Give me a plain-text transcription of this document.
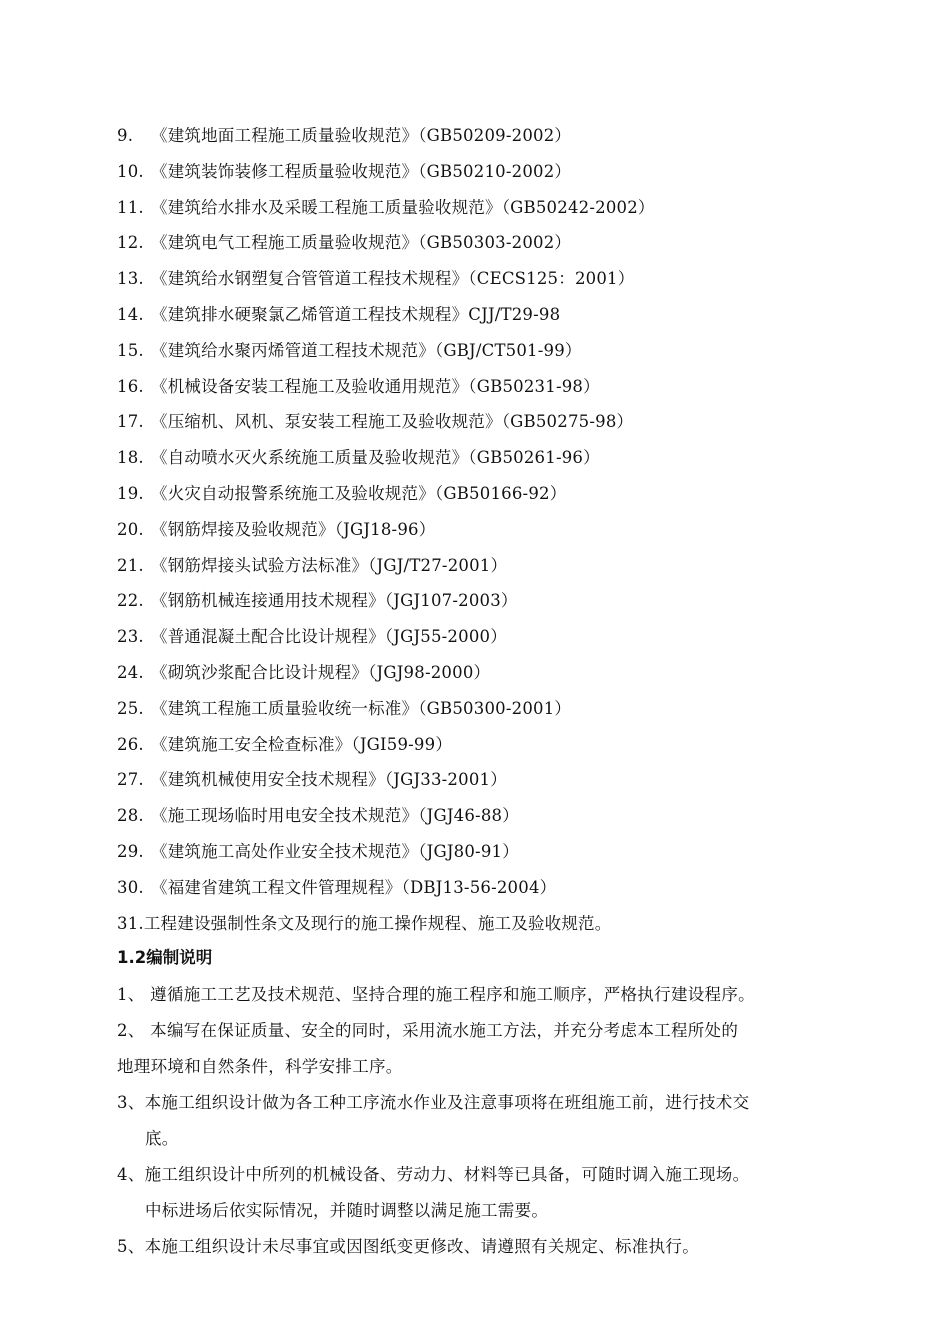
9. 《建筑地面工程施工质量验收规范》（GB50209-2002）
10. 《建筑装饰装修工程质量验收规范》（GB50210-2002）
11. 《建筑给水排水及采暖工程施工质量验收规范》（GB50242-2002）
12. 《建筑电气工程施工质量验收规范》（GB50303-2002）
13. 《建筑给水钢塑复合管管道工程技术规程》（CECS125：2001）
14. 《建筑排水硬聚氯乙烯管道工程技术规程》CJJ/T29-98
15. 《建筑给水聚丙烯管道工程技术规范》（GBJ/CT501-99）
16. 《机械设备安装工程施工及验收通用规范》（GB50231-98）
17. 《压缩机、风机、泵安装工程施工及验收规范》（GB50275-98）
18. 《自动喷水灭火系统施工质量及验收规范》（GB50261-96）
19. 《火灾自动报警系统施工及验收规范》（GB50166-92）
20. 《钢筋焊接及验收规范》（JGJ18-96）
21. 《钢筋焊接头试验方法标准》（JGJ/T27-2001）
22. 《钢筋机械连接通用技术规程》（JGJ107-2003）
23. 《普通混凝土配合比设计规程》（JGJ55-2000）
24. 《砌筑沙浆配合比设计规程》（JGJ98-2000）
25. 《建筑工程施工质量验收统一标准》（GB50300-2001）
26. 《建筑施工安全检查标准》（JGI59-99）
27. 《建筑机械使用安全技术规程》（JGJ33-2001）
28. 《施工现场临时用电安全技术规范》（JGJ46-88）
29. 《建筑施工高处作业安全技术规范》（JGJ80-91）
30. 《福建省建筑工程文件管理规程》（DBJ13-56-2004）
31.工程建设强制性条文及现行的施工操作规程、施工及验收规范。
1.2编制说明

1、 遵循施工工艺及技术规范、坚持合理的施工程序和施工顺序，严格执行建设程序。

2、 本编写在保证质量、安全的同时，采用流水施工方法，并充分考虑本工程所处的
地理环境和自然条件，科学安排工序。

3、本施工组织设计做为各工种工序流水作业及注意事项将在班组施工前，进行技术交
底。

4、施工组织设计中所列的机械设备、劳动力、材料等已具备，可随时调入施工现场。
中标进场后依实际情况，并随时调整以满足施工需要。

5、本施工组织设计未尽事宜或因图纸变更修改、请遵照有关规定、标准执行。
